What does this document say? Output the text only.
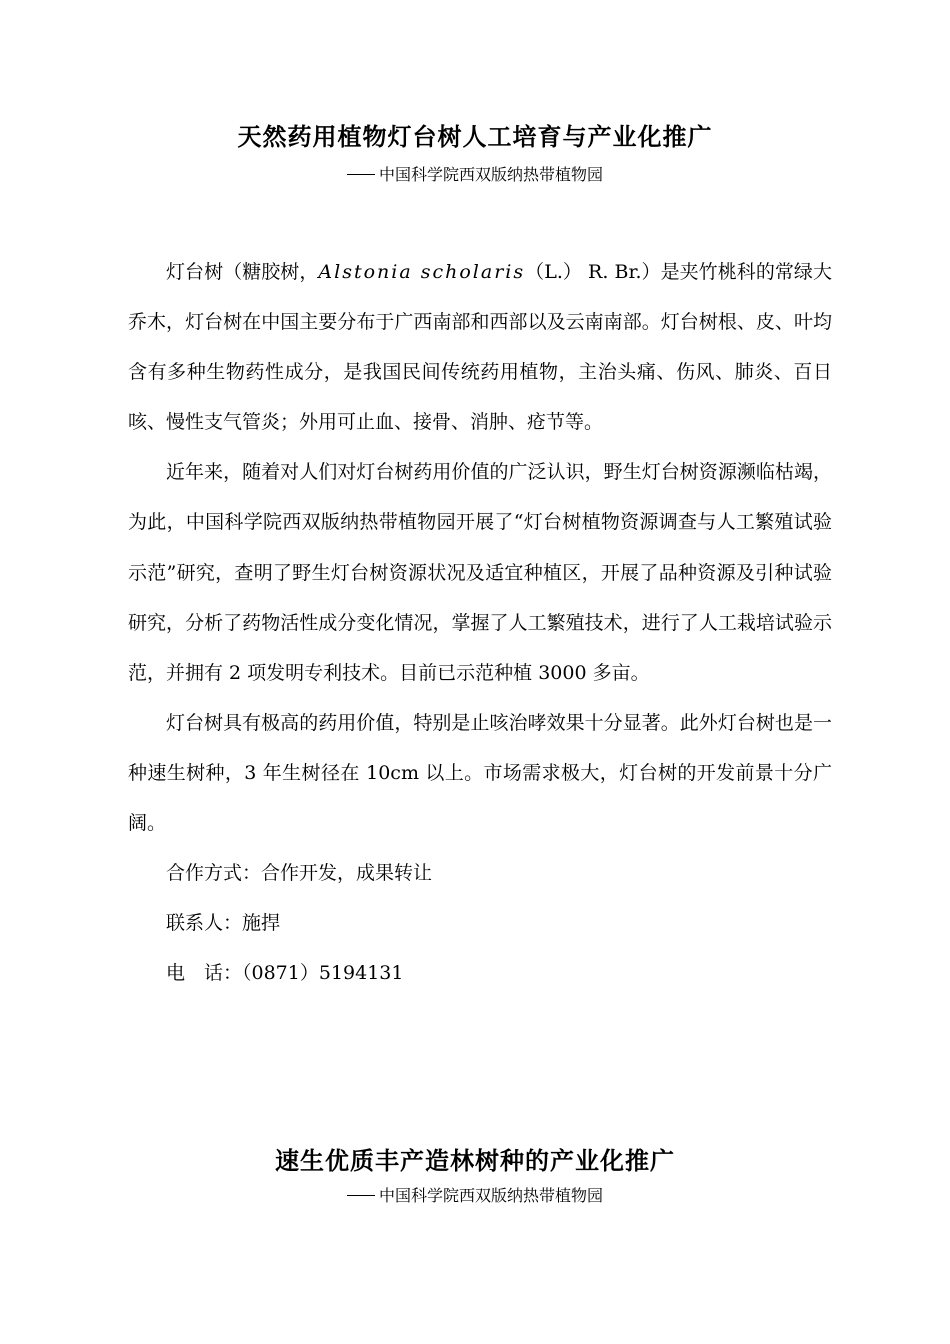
天然药用植物灯台树人工培育与产业化推广
中国科学院西双版纳热带植物园

灯台树（糖胶树，Alstonia scholaris（L.） R. Br.）是夹竹桃科的常绿大乔木，灯台树在中国主要分布于广西南部和西部以及云南南部。灯台树根、皮、叶均含有多种生物药性成分，是我国民间传统药用植物，主治头痛、伤风、肺炎、百日咳、慢性支气管炎；外用可止血、接骨、消肿、疮节等。

近年来，随着对人们对灯台树药用价值的广泛认识，野生灯台树资源濒临枯竭，为此，中国科学院西双版纳热带植物园开展了“灯台树植物资源调查与人工繁殖试验示范”研究，查明了野生灯台树资源状况及适宜种植区，开展了品种资源及引种试验研究，分析了药物活性成分变化情况，掌握了人工繁殖技术，进行了人工栽培试验示范，并拥有 2 项发明专利技术。目前已示范种植 3000 多亩。

灯台树具有极高的药用价值，特别是止咳治哮效果十分显著。此外灯台树也是一种速生树种，3 年生树径在 10cm 以上。市场需求极大，灯台树的开发前景十分广阔。

合作方式：合作开发，成果转让

联系人：施捍

电　话：（0871）5194131

速生优质丰产造林树种的产业化推广
中国科学院西双版纳热带植物园
